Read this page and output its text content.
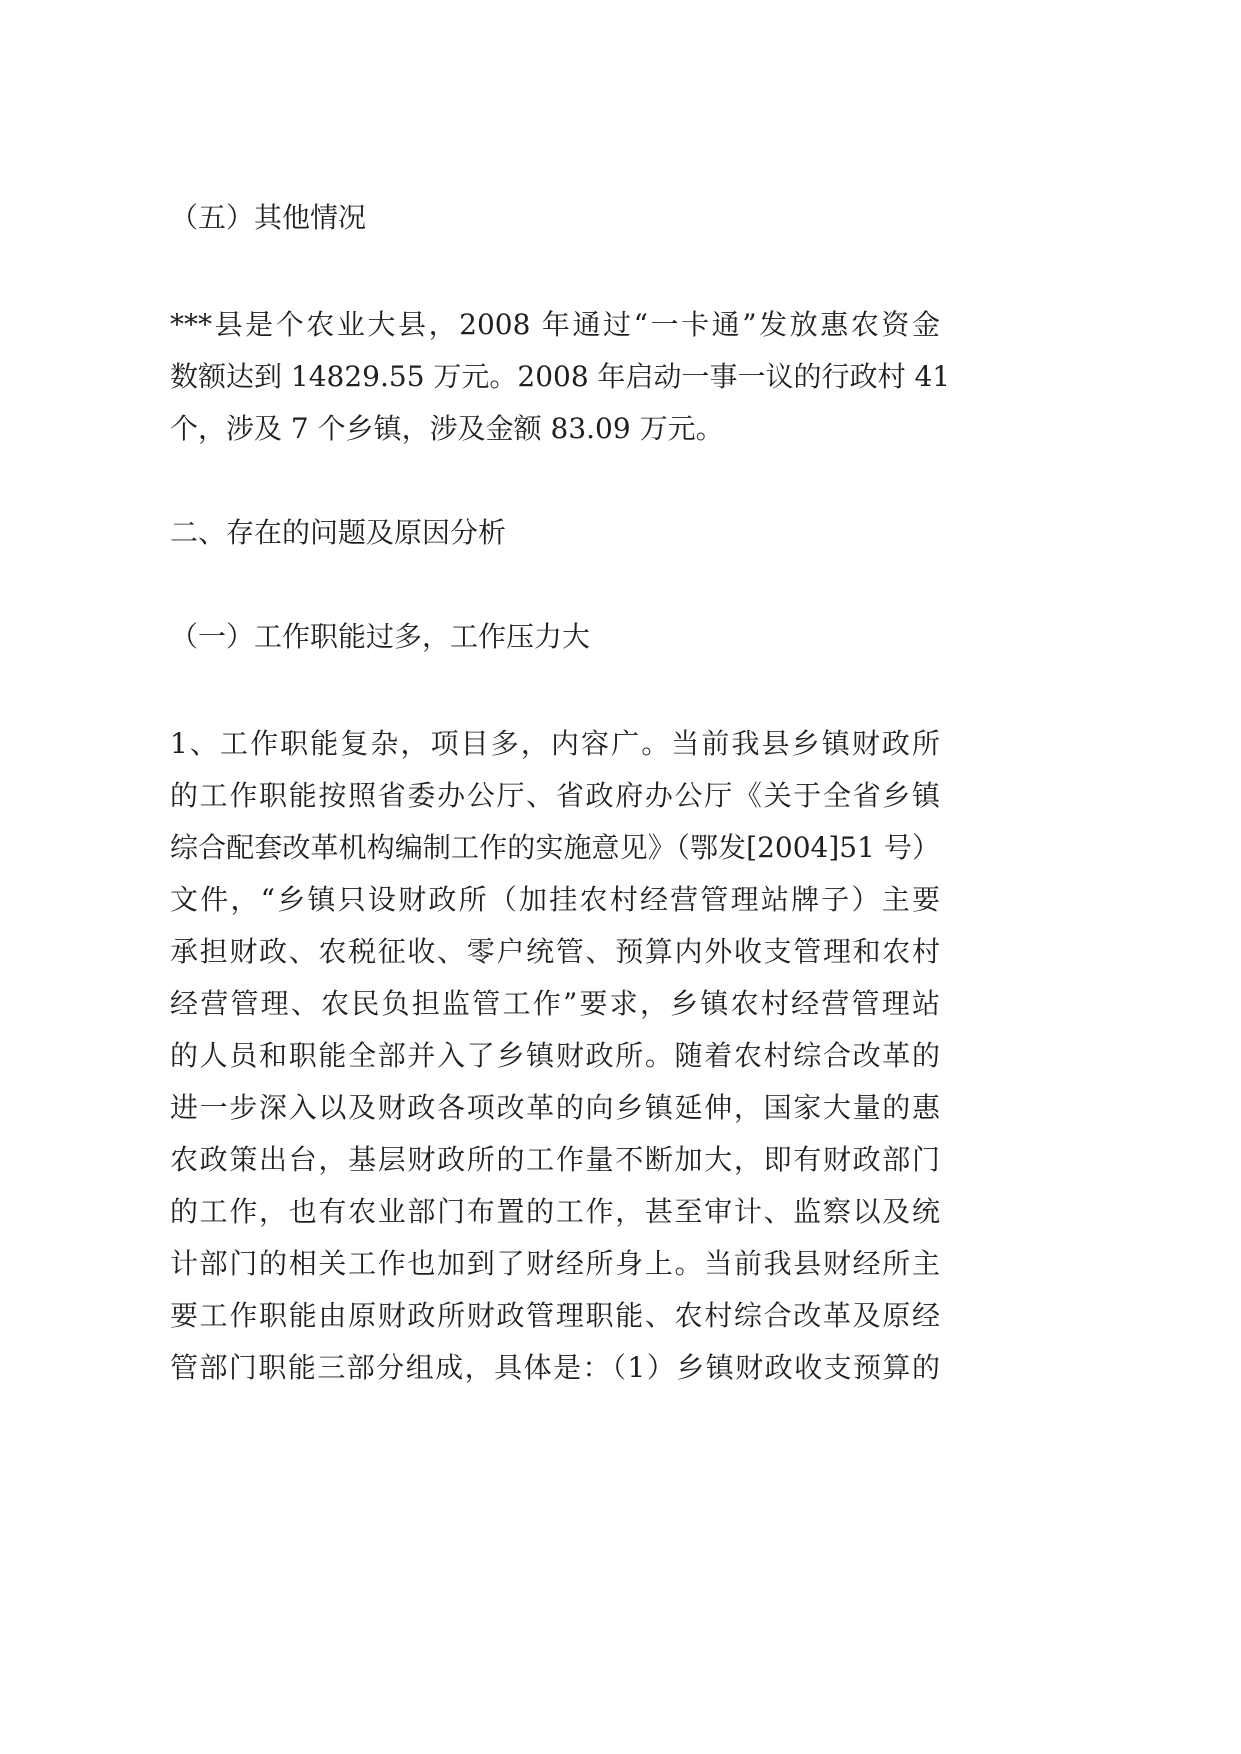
（五）其他情况

***县是个农业大县，2008 年通过“一卡通”发放惠农资金

数额达到 14829.55 万元。2008 年启动一事一议的行政村 41

个，涉及 7 个乡镇，涉及金额 83.09 万元。

二、存在的问题及原因分析

（一）工作职能过多，工作压力大

1、工作职能复杂，项目多，内容广。当前我县乡镇财政所

的工作职能按照省委办公厅、省政府办公厅《关于全省乡镇

综合配套改革机构编制工作的实施意见》（鄂发[2004]51 号）

文件，“乡镇只设财政所（加挂农村经营管理站牌子）主要

承担财政、农税征收、零户统管、预算内外收支管理和农村

经营管理、农民负担监管工作”要求，乡镇农村经营管理站

的人员和职能全部并入了乡镇财政所。随着农村综合改革的

进一步深入以及财政各项改革的向乡镇延伸，国家大量的惠

农政策出台，基层财政所的工作量不断加大，即有财政部门

的工作，也有农业部门布置的工作，甚至审计、监察以及统

计部门的相关工作也加到了财经所身上。当前我县财经所主

要工作职能由原财政所财政管理职能、农村综合改革及原经

管部门职能三部分组成，具体是：（1）乡镇财政收支预算的
